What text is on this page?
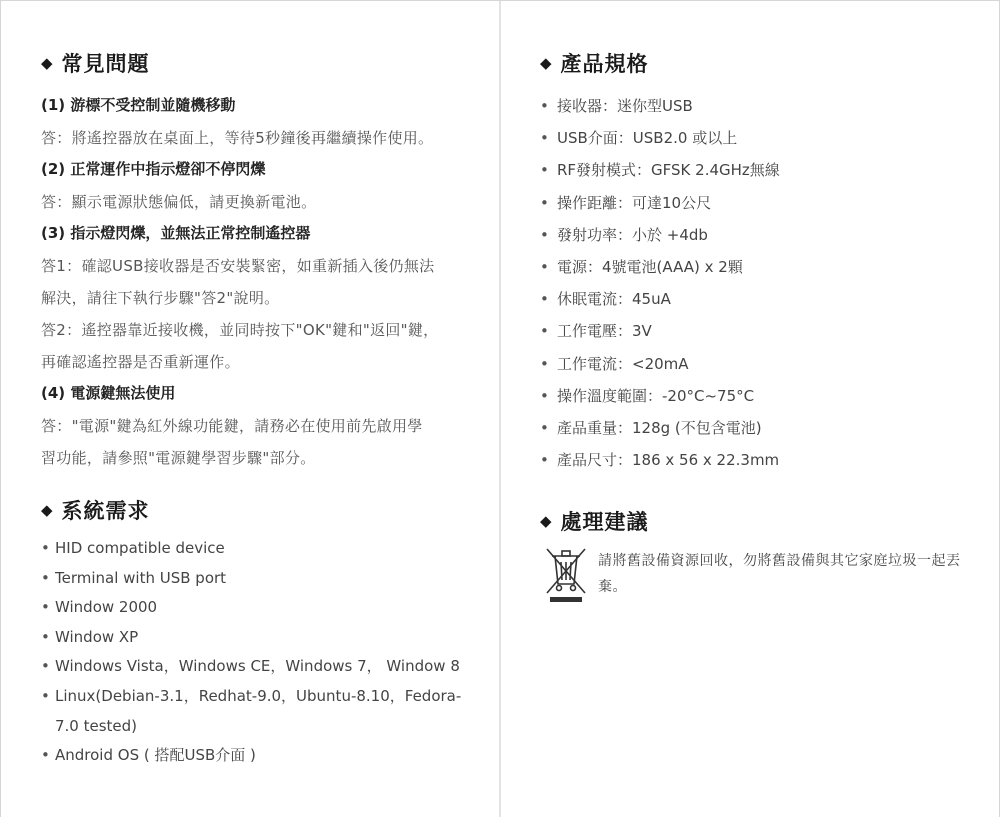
◆ 常見問題
(1) 游標不受控制並隨機移動
答：將遙控器放在桌面上，等待5秒鐘後再繼續操作使用。
(2) 正常運作中指示燈卻不停閃爍
答：顯示電源狀態偏低，請更換新電池。
(3) 指示燈閃爍，並無法正常控制遙控器
答1：確認USB接收器是否安裝緊密，如重新插入後仍無法
解決，請往下執行步驟"答2"說明。
答2：遙控器靠近接收機，並同時按下"OK"鍵和"返回"鍵，
再確認遙控器是否重新運作。
(4) 電源鍵無法使用
答："電源"鍵為紅外線功能鍵，請務必在使用前先啟用學
習功能，請參照"電源鍵學習步驟"部分。
◆ 系統需求
• HID compatible device
• Terminal with USB port
• Window 2000
• Window XP
• Windows Vista，Windows CE，Windows 7， Window 8
• Linux(Debian-3.1，Redhat-9.0，Ubuntu-8.10，Fedora-7.0 tested)
• Android OS ( 搭配USB介面 )
◆ 產品規格
• 接收器：迷你型USB
• USB介面：USB2.0 或以上
• RF發射模式：GFSK 2.4GHz無線
• 操作距離：可達10公尺
• 發射功率：小於 +4db
• 電源：4號電池(AAA) x 2顆
• 休眠電流：45uA
• 工作電壓：3V
• 工作電流：<20mA
• 操作溫度範圍：-20°C~75°C
• 產品重量：128g (不包含電池)
• 產品尺寸：186 x 56 x 22.3mm
◆ 處理建議
請將舊設備資源回收，勿將舊設備與其它家庭垃圾一起丟棄。
